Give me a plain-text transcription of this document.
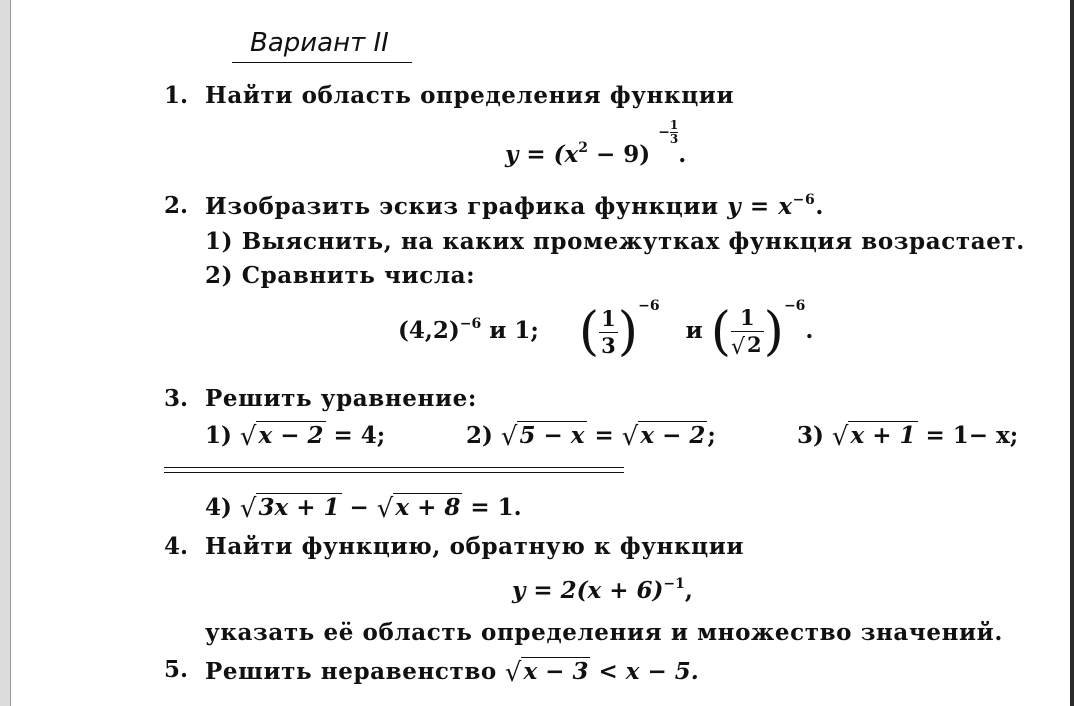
Вариант II
1. Найти область определения функции
$y = (x^2 - 9) - \frac{1}{3}$
.
2. Изобразить эскиз графика функции $y = x^{-6}$.
1) Выяснить, на каких промежутках функция возрастает.
2) Сравнить числа:
$(4,2)^{-6}$ и 1; ( $\frac{1}{3} )^{-6}$  и ( $\frac{1}{√2} )^{-6}$.
3. Решить уравнение:
1) √x − 2 = 4;	2) √5 − x = √x − 2;	3) √x + 1 = 1− x;
4) √3x + 1 − √x + 8 = 1.
4. Найти функцию, обратную к функции
$y = 2(x + 6)^{-1}$,
указать её область определения и множество значений.
5. Решить неравенство √x − 3 < x − 5.
